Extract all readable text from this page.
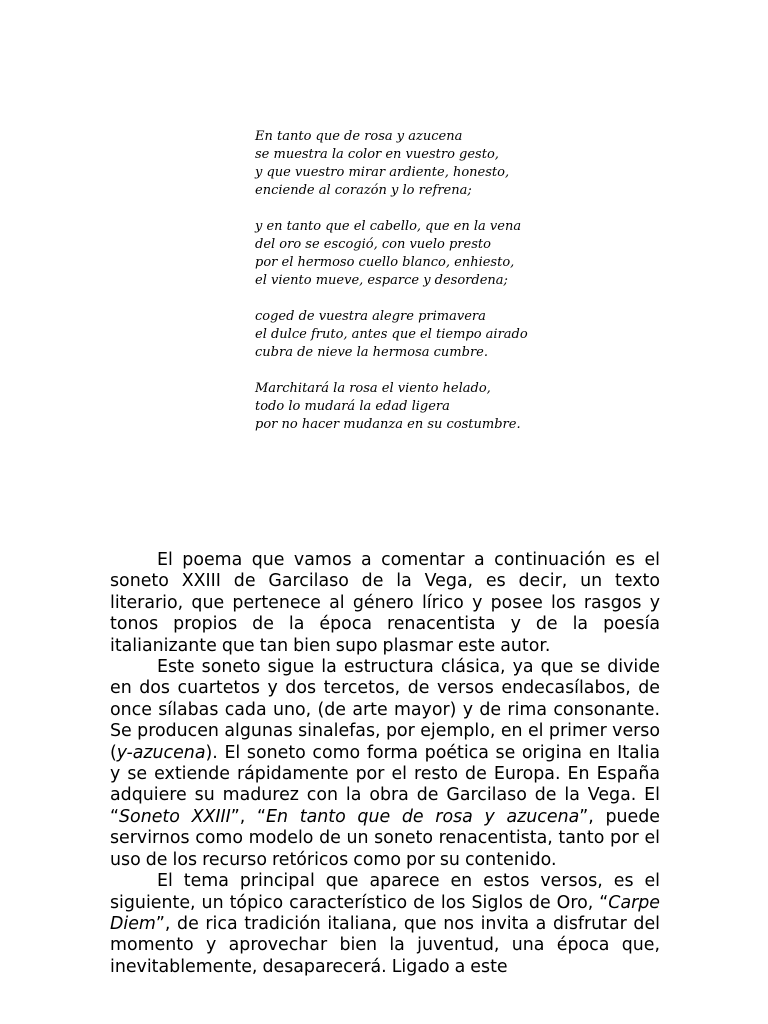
En tanto que de rosa y azucena
se muestra la color en vuestro gesto,
y que vuestro mirar ardiente, honesto,
enciende al corazón y lo refrena;
y en tanto que el cabello, que en la vena
del oro se escogió, con vuelo presto
por el hermoso cuello blanco, enhiesto,
el viento mueve, esparce y desordena;
coged de vuestra alegre primavera
el dulce fruto, antes que el tiempo airado
cubra de nieve la hermosa cumbre.
Marchitará la rosa el viento helado,
todo lo mudará la edad ligera
por no hacer mudanza en su costumbre.

El poema que vamos a comentar a continuación es el soneto XXIII de Garcilaso de la Vega, es decir, un texto literario, que pertenece al género lírico y posee los rasgos y tonos propios de la época renacentista y de la poesía italianizante que tan bien supo plasmar este autor.

Este soneto sigue la estructura clásica, ya que se divide en dos cuartetos y dos tercetos, de versos endecasílabos, de once sílabas cada uno, (de arte mayor) y de rima consonante. Se producen algunas sinalefas, por ejemplo, en el primer verso (y-azucena). El soneto como forma poética se origina en Italia y se extiende rápidamente por el resto de Europa. En España adquiere su madurez con la obra de Garcilaso de la Vega. El “Soneto XXIII”, “En tanto que de rosa y azucena”, puede servirnos como modelo de un soneto renacentista, tanto por el uso de los recurso retóricos como por su contenido.

El tema principal que aparece en estos versos, es el siguiente, un tópico característico de los Siglos de Oro, “Carpe Diem”, de rica tradición italiana, que nos invita a disfrutar del momento y aprovechar bien la juventud, una época que, inevitablemente, desaparecerá. Ligado a este
